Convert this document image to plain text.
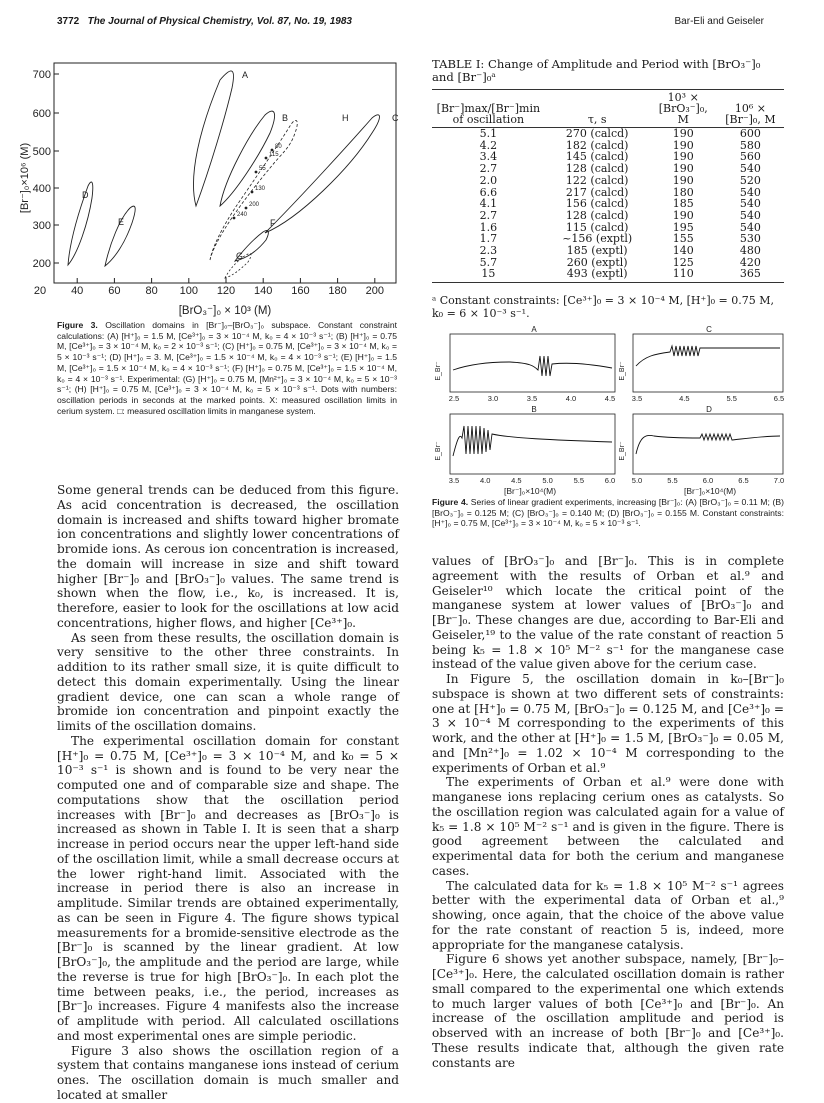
3772 The Journal of Physical Chemistry, Vol. 87, No. 19, 1983	Bar-Eli and Geiseler
700
600
500
400
300
200
20 40 60 80 100 120 140 160 180 200
80
115
55
130
200
240
A
B	H	C
D
E	F
G
[Br⁻]₀×10⁶ (M)
[BrO₃⁻]₀ × 10³ (M)
Figure 3. Oscillation domains in [Br⁻]₀–[BrO₃⁻]₀ subspace. Constant constraint calculations: (A) [H⁺]₀ = 1.5 M, [Ce³⁺]₀ = 3 × 10⁻⁴ M, k₀ = 4 × 10⁻³ s⁻¹; (B) [H⁺]₀ = 0.75 M, [Ce³⁺]₀ = 3 × 10⁻⁴ M, k₀ = 2 × 10⁻³ s⁻¹; (C) [H⁺]₀ = 0.75 M, [Ce³⁺]₀ = 3 × 10⁻⁴ M, k₀ = 5 × 10⁻³ s⁻¹; (D) [H⁺]₀ = 3. M, [Ce³⁺]₀ = 1.5 × 10⁻⁴ M, k₀ = 4 × 10⁻³ s⁻¹; (E) [H⁺]₀ = 1.5 M, [Ce³⁺]₀ = 1.5 × 10⁻⁴ M, k₀ = 4 × 10⁻³ s⁻¹; (F) [H⁺]₀ = 0.75 M, [Ce³⁺]₀ = 1.5 × 10⁻⁴ M, k₀ = 4 × 10⁻³ s⁻¹. Experimental: (G) [H⁺]₀ = 0.75 M, [Mn²⁺]₀ = 3 × 10⁻⁴ M, k₀ = 5 × 10⁻³ s⁻¹; (H) [H⁺]₀ = 0.75 M, [Ce³⁺]₀ = 3 × 10⁻⁴ M, k₀ = 5 × 10⁻³ s⁻¹. Dots with numbers: oscillation periods in seconds at the marked points. X: measured oscillation limits in cerium system. □: measured oscillation limits in manganese system.

Some general trends can be deduced from this figure. As acid concentration is decreased, the oscillation domain is increased and shifts toward higher bromate ion concentrations and slightly lower concentrations of bromide ions. As cerous ion concentration is increased, the domain will increase in size and shift toward higher [Br⁻]₀ and [BrO₃⁻]₀ values. The same trend is shown when the flow, i.e., k₀, is increased. It is, therefore, easier to look for the oscillations at low acid concentrations, higher flows, and higher [Ce³⁺]₀.

As seen from these results, the oscillation domain is very sensitive to the other three constraints. In addition to its rather small size, it is quite difficult to detect this domain experimentally. Using the linear gradient device, one can scan a whole range of bromide ion concentration and pinpoint exactly the limits of the oscillation domains.

The experimental oscillation domain for constant [H⁺]₀ = 0.75 M, [Ce³⁺]₀ = 3 × 10⁻⁴ M, and k₀ = 5 × 10⁻³ s⁻¹ is shown and is found to be very near the computed one and of comparable size and shape. The computations show that the oscillation period increases with [Br⁻]₀ and decreases as [BrO₃⁻]₀ is increased as shown in Table I. It is seen that a sharp increase in period occurs near the upper left-hand side of the oscillation limit, while a small decrease occurs at the lower right-hand limit. Associated with the increase in period there is also an increase in amplitude. Similar trends are obtained experimentally, as can be seen in Figure 4. The figure shows typical measurements for a bromide-sensitive electrode as the [Br⁻]₀ is scanned by the linear gradient. At low [BrO₃⁻]₀, the amplitude and the period are large, while the reverse is true for high [BrO₃⁻]₀. In each plot the time between peaks, i.e., the period, increases as [Br⁻]₀ increases. Figure 4 manifests also the increase of amplitude with period. All calculated oscillations and most experimental ones are simple periodic.

Figure 3 also shows the oscillation region of a system that contains manganese ions instead of cerium ones. The oscillation domain is much smaller and located at smaller

TABLE I: Change of Amplitude and Period with [BrO₃⁻]₀ and [Br⁻]₀ᵃ

[Br⁻]max/[Br⁻]min of oscillation	τ, s	10³ × [BrO₃⁻]₀, M	10⁶ × [Br⁻]₀, M
5.1	270 (calcd)	190	600
4.2	182 (calcd)	190	580
3.4	145 (calcd)	190	560
2.7	128 (calcd)	190	540
2.0	122 (calcd)	190	520
6.6	217 (calcd)	180	540
4.1	156 (calcd)	185	540
2.7	128 (calcd)	190	540
1.6	115 (calcd)	195	540
1.7	~156 (exptl)	155	530
2.3	185 (exptl)	140	480
5.7	260 (exptl)	125	420
15	493 (exptl)	110	365
ᵃ Constant constraints: [Ce³⁺]₀ = 3 × 10⁻⁴ M, [H⁺]₀ = 0.75 M, k₀ = 6 × 10⁻³ s⁻¹.
A	C
B	D
2.5	3.0	3.5	4.0	4.5 3.5	4.5	5.5	6.5
3.5	4.0	4.5	5.0	5.5	6.0 5.0	5.5	6.0	6.5	7.0
E_Br⁻	E_Br⁻
E_Br⁻	E_Br⁻
[Br⁻]₀×10⁴(M)	[Br⁻]₀×10⁴(M)
Figure 4. Series of linear gradient experiments, increasing [Br⁻]₀: (A) [BrO₃⁻]₀ = 0.11 M; (B) [BrO₃⁻]₀ = 0.125 M; (C) [BrO₃⁻]₀ = 0.140 M; (D) [BrO₃⁻]₀ = 0.155 M. Constant constraints: [H⁺]₀ = 0.75 M, [Ce³⁺]₀ = 3 × 10⁻⁴ M, k₀ = 5 × 10⁻³ s⁻¹.

values of [BrO₃⁻]₀ and [Br⁻]₀. This is in complete agreement with the results of Orban et al.⁹ and Geiseler¹⁰ which locate the critical point of the manganese system at lower values of [BrO₃⁻]₀ and [Br⁻]₀. These changes are due, according to Bar-Eli and Geiseler,¹⁹ to the value of the rate constant of reaction 5 being k₅ = 1.8 × 10⁵ M⁻² s⁻¹ for the manganese case instead of the value given above for the cerium case.

In Figure 5, the oscillation domain in k₀–[Br⁻]₀ subspace is shown at two different sets of constraints: one at [H⁺]₀ = 0.75 M, [BrO₃⁻]₀ = 0.125 M, and [Ce³⁺]₀ = 3 × 10⁻⁴ M corresponding to the experiments of this work, and the other at [H⁺]₀ = 1.5 M, [BrO₃⁻]₀ = 0.05 M, and [Mn²⁺]₀ = 1.02 × 10⁻⁴ M corresponding to the experiments of Orban et al.⁹

The experiments of Orban et al.⁹ were done with manganese ions replacing cerium ones as catalysts. So the oscillation region was calculated again for a value of k₅ = 1.8 × 10⁵ M⁻² s⁻¹ and is given in the figure. There is good agreement between the calculated and experimental data for both the cerium and manganese cases.

The calculated data for k₅ = 1.8 × 10⁵ M⁻² s⁻¹ agrees better with the experimental data of Orban et al.,⁹ showing, once again, that the choice of the above value for the rate constant of reaction 5 is, indeed, more appropriate for the manganese catalysis.

Figure 6 shows yet another subspace, namely, [Br⁻]₀–[Ce³⁺]₀. Here, the calculated oscillation domain is rather small compared to the experimental one which extends to much larger values of both [Ce³⁺]₀ and [Br⁻]₀. An increase of the oscillation amplitude and period is observed with an increase of both [Br⁻]₀ and [Ce³⁺]₀. These results indicate that, although the given rate constants are
